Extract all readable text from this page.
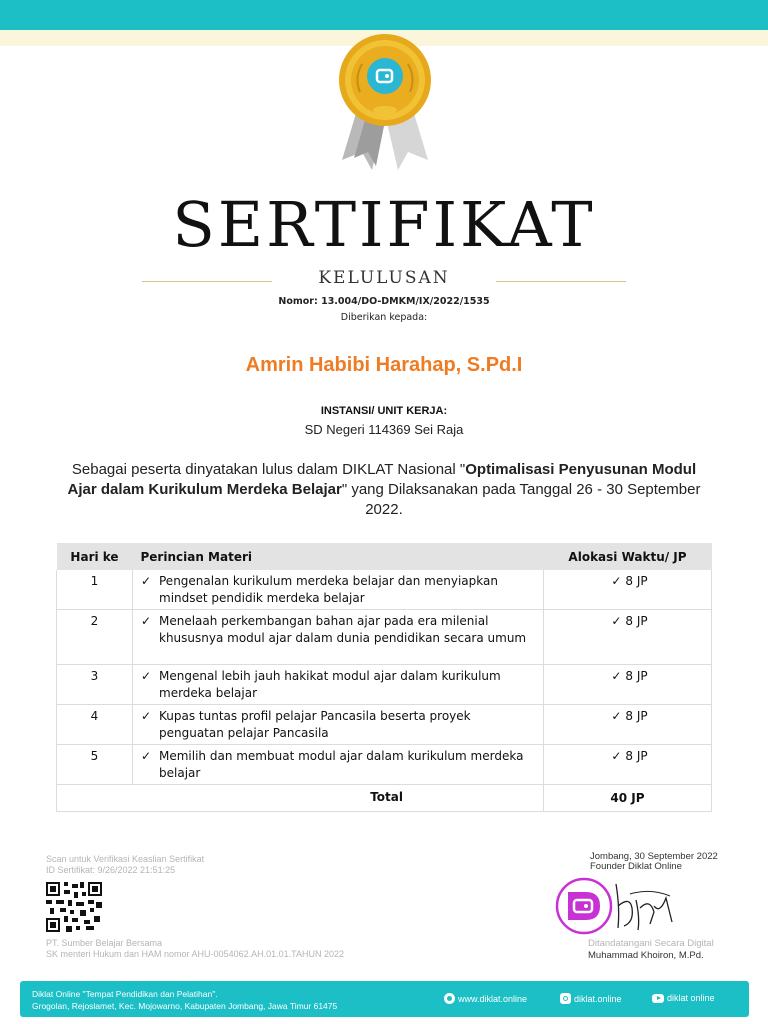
SERTIFIKAT
KELULUSAN
Nomor: 13.004/DO-DMKM/IX/2022/1535
Diberikan kepada:
Amrin Habibi Harahap, S.Pd.I
INSTANSI/ UNIT KERJA:
SD Negeri 114369 Sei Raja
Sebagai peserta dinyatakan lulus dalam DIKLAT Nasional "Optimalisasi Penyusunan Modul Ajar dalam Kurikulum Merdeka Belajar" yang Dilaksanakan pada Tanggal 26 - 30 September 2022.
Hari ke	Perincian Materi	Alokasi Waktu/ JP
1	✓ Pengenalan kurikulum merdeka belajar dan menyiapkan mindset pendidik merdeka belajar	✓ 8 JP
2	✓ Menelaah perkembangan bahan ajar pada era milenial khususnya modul ajar dalam dunia pendidikan secara umum	✓ 8 JP
3	✓ Mengenal lebih jauh hakikat modul ajar dalam kurikulum merdeka belajar	✓ 8 JP
4	✓ Kupas tuntas profil pelajar Pancasila beserta proyek penguatan pelajar Pancasila	✓ 8 JP
5	✓ Memilih dan membuat modul ajar dalam kurikulum merdeka belajar	✓ 8 JP
	Total	40 JP
Scan untuk Verifikasi Keaslian Sertifikat
ID Sertifikat: 9/26/2022 21:51:25
PT. Sumber Belajar Bersama
SK menteri Hukum dan HAM nomor AHU-0054062.AH.01.01.TAHUN 2022
Jombang, 30 September 2022
Founder Diklat Online
Ditandatangani Secara Digital
Muhammad Khoiron, M.Pd.
Diklat Online "Tempat Pendidikan dan Pelatihan".
Grogolan, Rejoslamet, Kec. Mojowarno, Kabupaten Jombang, Jawa Timur 61475
www.diklat.online	diklat.online	diklat online
